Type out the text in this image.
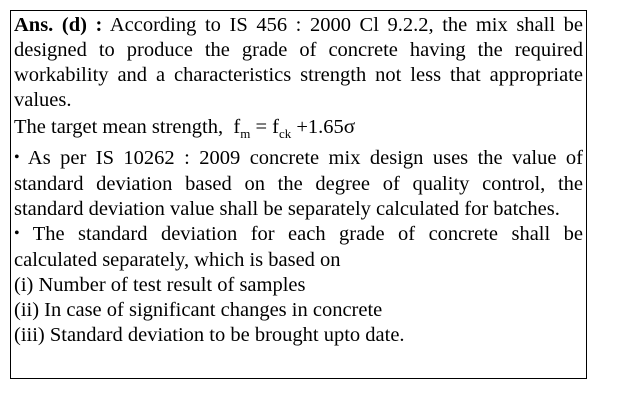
Ans. (d) : According to IS 456 : 2000 Cl 9.2.2, the mix shall be designed to produce the grade of concrete having the required workability and a characteristics strength not less that appropriate values.

The target mean strength, $f_m = f_{ck} +1.65\sigma$

• As per IS 10262 : 2009 concrete mix design uses the value of standard deviation based on the degree of quality control, the standard deviation value shall be separately calculated for batches.

• The standard deviation for each grade of concrete shall be calculated separately, which is based on

(i) Number of test result of samples

(ii) In case of significant changes in concrete

(iii) Standard deviation to be brought upto date.
